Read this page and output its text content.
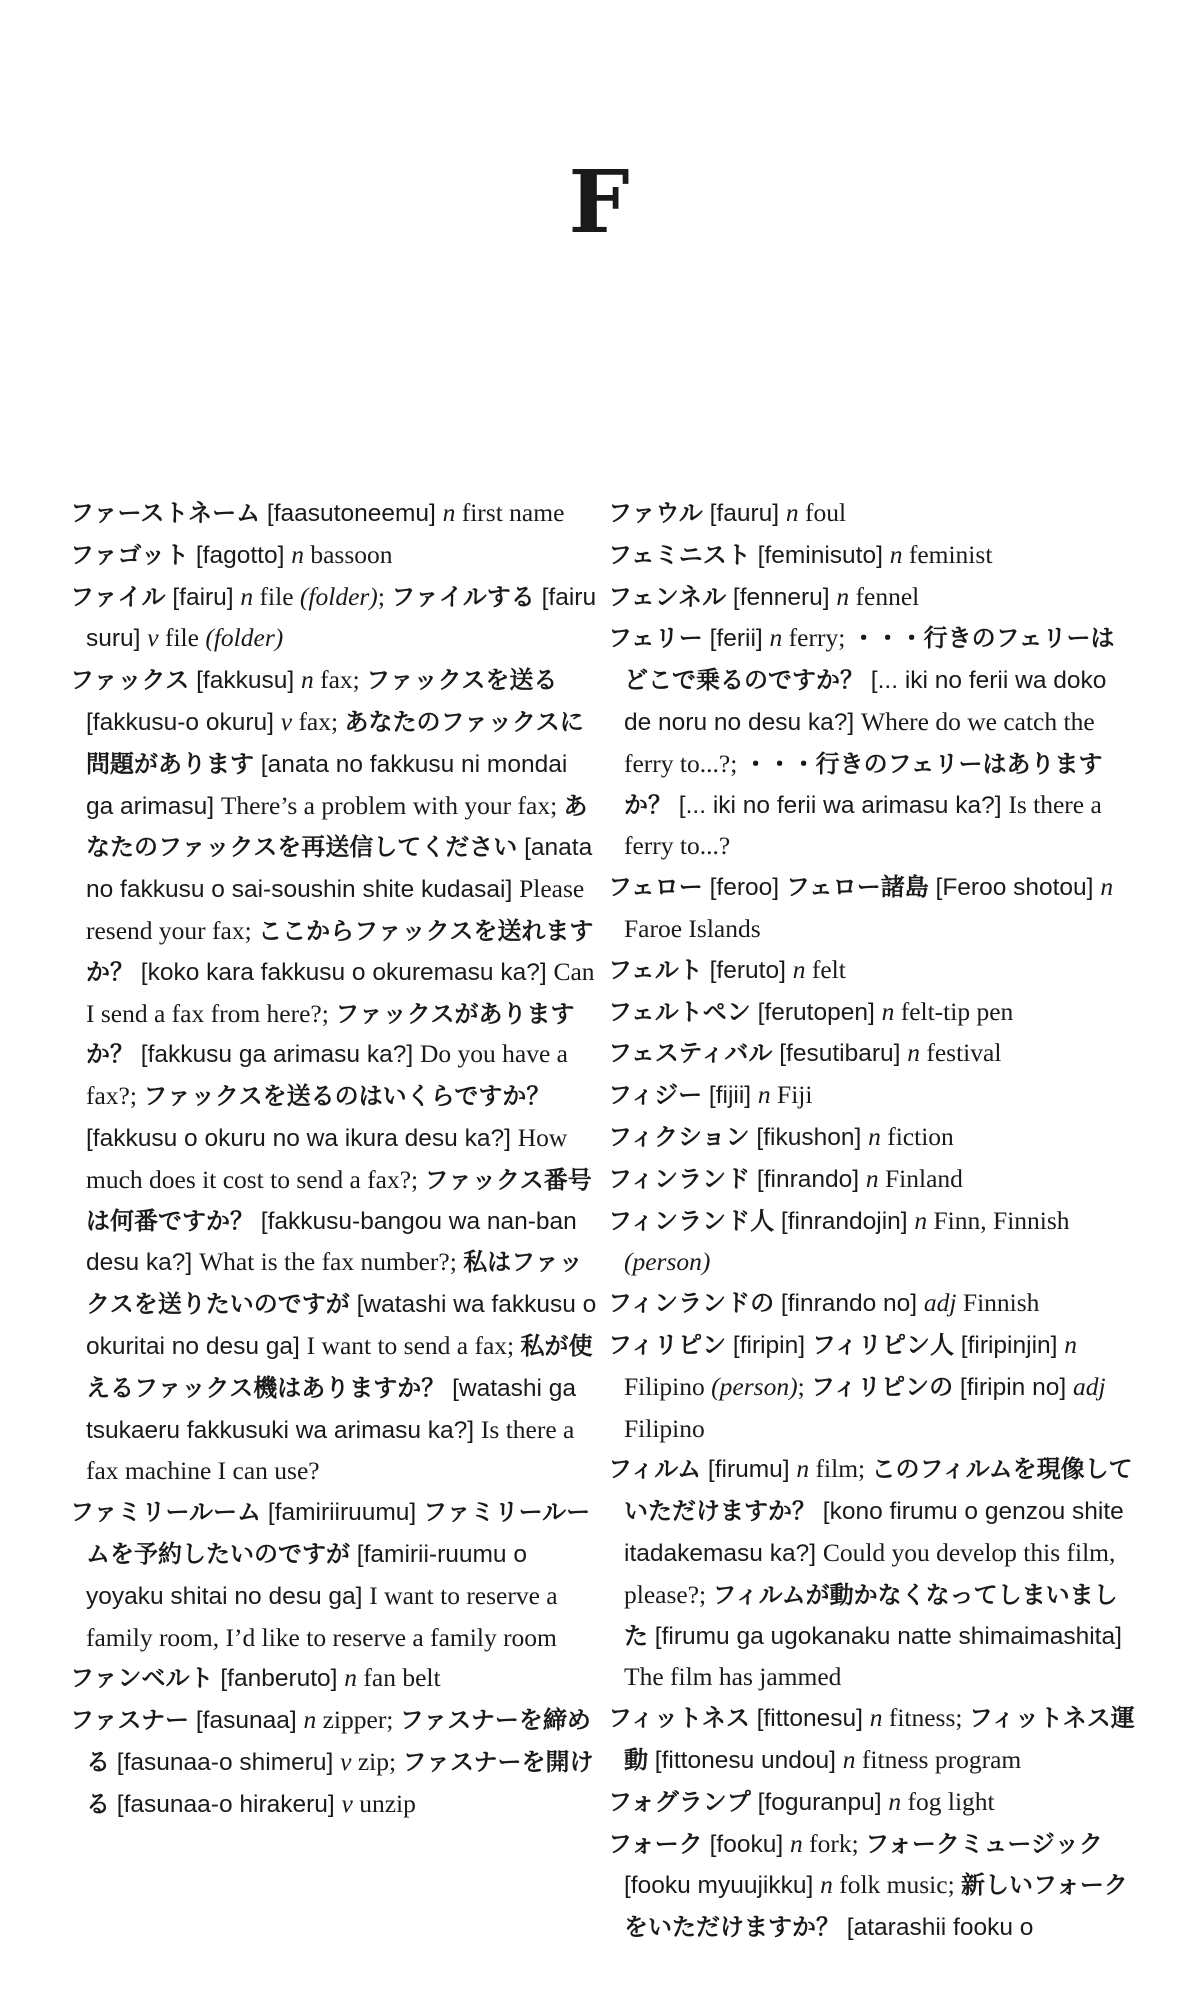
F

ファーストネーム [faasutoneemu] n first name

ファゴット [fagotto] n bassoon

ファイル [fairu] n file (folder); ファイルする [fairu suru] v file (folder)

ファックス [fakkusu] n fax; ファックスを送る [fakkusu-o okuru] v fax; あなたのファックスに問題があります [anata no fakkusu ni mondai ga arimasu] There’s a problem with your fax; あなたのファックスを再送信してください [anata no fakkusu o sai-soushin shite kudasai] Please resend your fax; ここからファックスを送れますか？ [koko kara fakkusu o okuremasu ka?] Can I send a fax from here?; ファックスがありますか？ [fakkusu ga arimasu ka?] Do you have a fax?; ファックスを送るのはいくらですか？ [fakkusu o okuru no wa ikura desu ka?] How much does it cost to send a fax?; ファックス番号は何番ですか？ [fakkusu-bangou wa nan-ban desu ka?] What is the fax number?; 私はファックスを送りたいのですが [watashi wa fakkusu o okuritai no desu ga] I want to send a fax; 私が使えるファックス機はありますか？ [watashi ga tsukaeru fakkusuki wa arimasu ka?] Is there a fax machine I can use?

ファミリールーム [famiriiruumu] ファミリールームを予約したいのですが [famirii-ruumu o yoyaku shitai no desu ga] I want to reserve a family room, I’d like to reserve a family room

ファンベルト [fanberuto] n fan belt

ファスナー [fasunaa] n zipper; ファスナーを締める [fasunaa-o shimeru] v zip; ファスナーを開ける [fasunaa-o hirakeru] v unzip

ファウル [fauru] n foul

フェミニスト [feminisuto] n feminist

フェンネル [fenneru] n fennel

フェリー [ferii] n ferry; ・・・行きのフェリーはどこで乗るのですか？ [... iki no ferii wa doko de noru no desu ka?] Where do we catch the ferry to...?; ・・・行きのフェリーはありますか？ [... iki no ferii wa arimasu ka?] Is there a ferry to...?

フェロー [feroo] フェロー諸島 [Feroo shotou] n Faroe Islands

フェルト [feruto] n felt

フェルトペン [ferutopen] n felt-tip pen

フェスティバル [fesutibaru] n festival

フィジー [fijii] n Fiji

フィクション [fikushon] n fiction

フィンランド [finrando] n Finland

フィンランド人 [finrandojin] n Finn, Finnish (person)

フィンランドの [finrando no] adj Finnish

フィリピン [firipin] フィリピン人 [firipinjin] n Filipino (person); フィリピンの [firipin no] adj Filipino

フィルム [firumu] n film; このフィルムを現像していただけますか？ [kono firumu o genzou shite itadakemasu ka?] Could you develop this film, please?; フィルムが動かなくなってしまいました [firumu ga ugokanaku natte shimaimashita] The film has jammed

フィットネス [fittonesu] n fitness; フィットネス運動 [fittonesu undou] n fitness program

フォグランプ [foguranpu] n fog light

フォーク [fooku] n fork; フォークミュージック [fooku myuujikku] n folk music; 新しいフォークをいただけますか？ [atarashii fooku o
